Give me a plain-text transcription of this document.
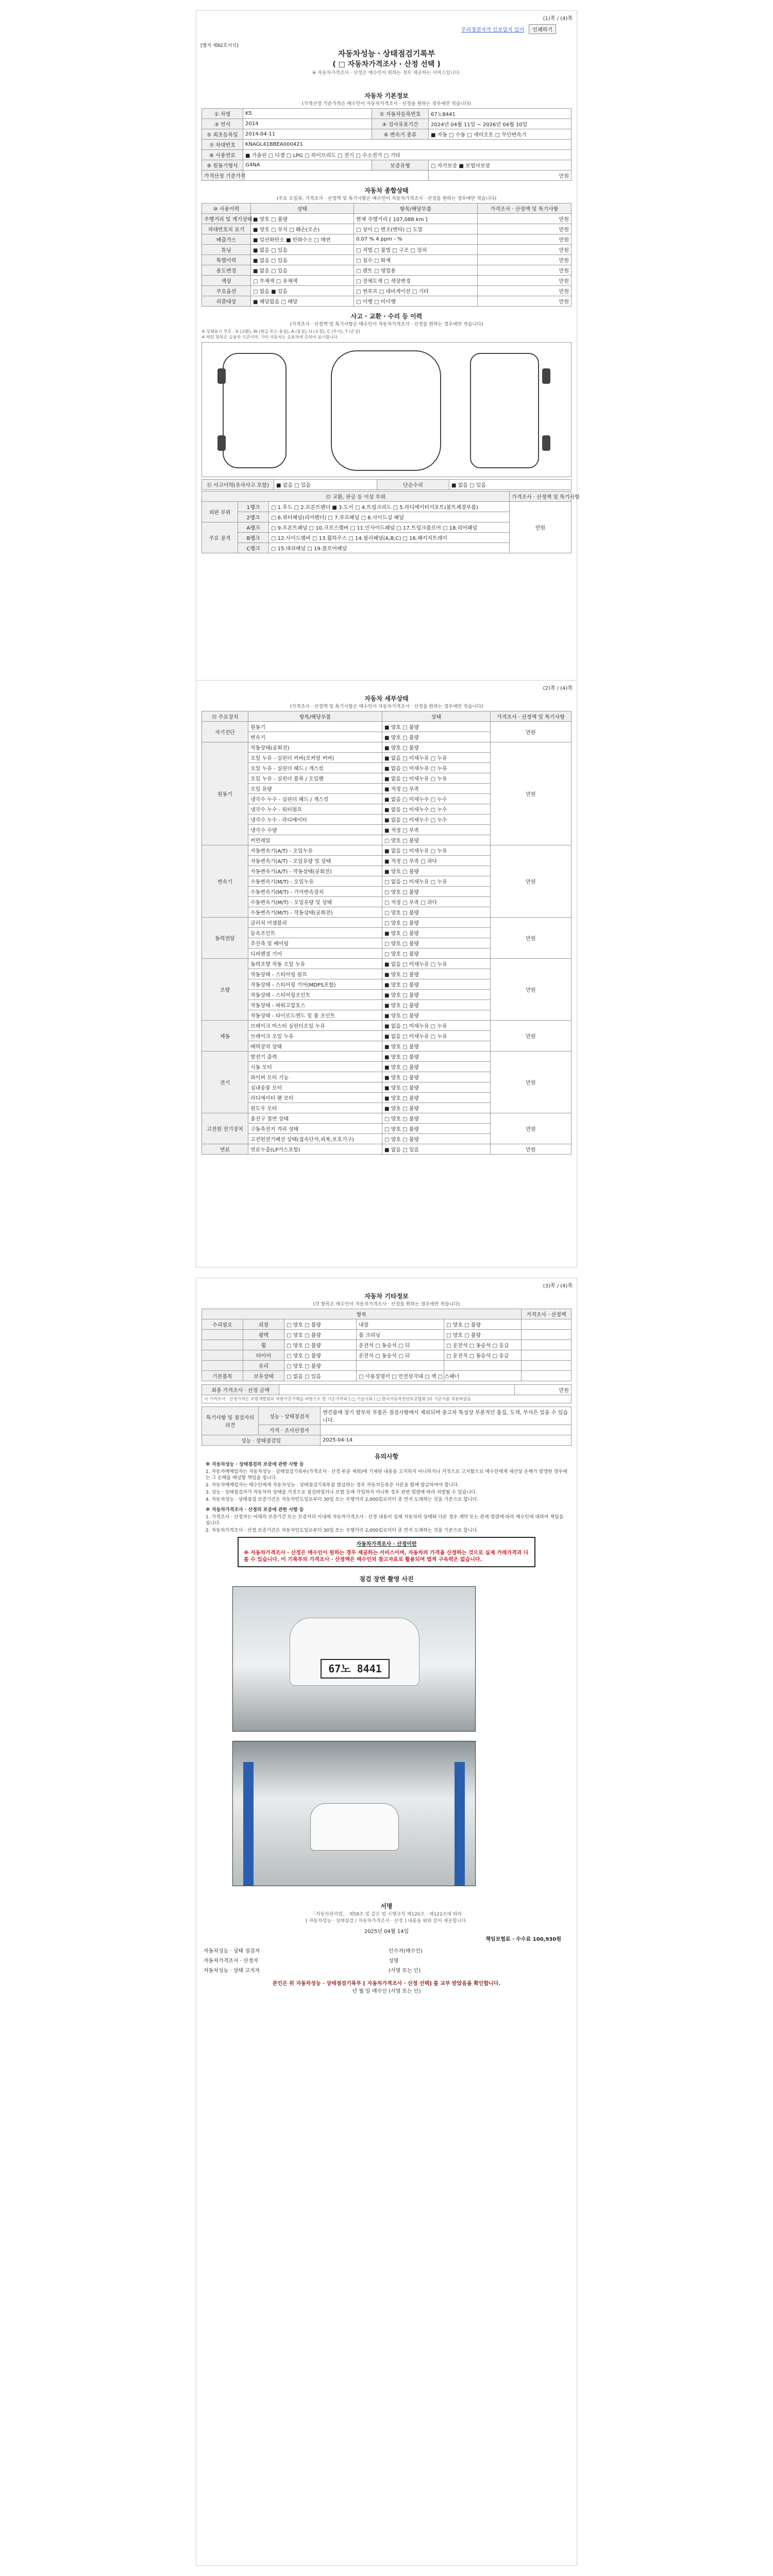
우리정권자가 인보일지 있어 인쇄하기
(1)쪽 / (4)쪽
[별지 제82호서식]
자동차성능ㆍ상태점검기록부
( □ 자동차가격조사 · 산정 선택 )
※ 자동차가격조사 · 산정은 매수인이 원하는 경우 제공하는 서비스입니다.
자동차 기본정보
(가격산정 기준가격은 매수인이 자동차가격조사 · 산정을 원하는 경우에만 적습니다)
① 차명	K5	② 자동차등록번호	67노8441
③ 연식	2014	④ 검사유효기간	2024년 04월 11일 ~ 2026년 04월 10일
⑤ 최초등록일	2014-04-11	⑥ 변속기 종류	■ 자동 □ 수동 □ 세미오토 □ 무단변속기
⑦ 차대번호	KNAGL41BBEA000421		
⑧ 사용연료	■ 가솔린 □ 디젤 □ LPG □ 하이브리드 □ 전기 □ 수소전기 □ 기타		
⑨ 원동기형식	G4NA	보증유형	□ 자가보증 ■ 보험사보증
가격산정 기준가격			만원
자동차 종합상태
(주요 오일류, 가격조사 · 산정액 및 특기사항은 매수인이 자동차가격조사 · 산정을 원하는 경우에만 적습니다)
⑩ 사용이력	상태	항목/해당부품	가격조사 · 산정액 및 특기사항
주행거리 및 계기상태	■ 양호 □ 불량	현재 주행거리 [ 107,088 km ]	만원
차대번호의 표기	■ 양호 □ 부식 □ 훼손(오손)	□ 상이 □ 변조(변타) □ 도말	만원
배출가스	■ 일산화탄소 ■ 탄화수소 □ 매연	0.07 % 4 ppm - %	만원
튜닝	■ 없음 □ 있음	□ 적법 □ 불법 □ 구조 □ 장치	만원
특별이력	■ 없음 □ 있음	□ 침수 □ 화재	만원
용도변경	■ 없음 □ 있음	□ 렌트 □ 영업용	만원
색상	□ 무채색 □ 유채색	□ 전체도색 □ 색상변경	만원
주요옵션	□ 없음 ■ 있음	□ 썬루프 □ 네비게이션 □ 기타	만원
리콜대상	■ 해당없음 □ 해당	□ 이행 □ 미이행	만원
사고 · 교환 · 수리 등 이력
(가격조사 · 산정액 및 특기사항은 매수인이 자동차가격조사 · 산정을 원하는 경우에만 적습니다)
※ 상태표시 부호 : X (교환), W (판금 또는 용접), A (흠집), U (요철), C (부식), T (손상)
※ 하단 항목은 승용차 기준이며, 기타 자동차는 승용차에 준하여 표시합니다
⑪ 사고이력(유사사고 포함)	■ 없음 □ 있음	단순수리	■ 없음 □ 있음
⑫ 교환, 판금 등 이상 부위			가격조사 · 산정액 및 특기사항
외판 부위	1랭크	□ 1.후드 □ 2.프론트펜더 ■ 3.도어 □ 4.트렁크리드 □ 5.라디에이터서포트(볼트체결부품)	만원
	2랭크	□ 6.쿼터패널(리어펜더) □ 7.루프패널 □ 8.사이드실 패널	
주요 골격	A랭크	□ 9.프론트패널 □ 10.크로스멤버 □ 11.인사이드패널 □ 17.트렁크플로어 □ 18.리어패널	
	B랭크	□ 12.사이드멤버 □ 13.휠하우스 □ 14.필러패널(A,B,C) □ 16.패키지트레이	
	C랭크	□ 15.대쉬패널 □ 19.플로어패널	
(2)쪽 / (4)쪽
자동차 세부상태
(가격조사 · 산정액 및 특기사항은 매수인이 자동차가격조사 · 산정을 원하는 경우에만 적습니다)
⑬ 주요장치	항목/해당부품	상태	가격조사 · 산정액 및 특기사항
자기진단	원동기	■ 양호 □ 불량	만원
	변속기	■ 양호 □ 불량	
원동기	작동상태(공회전)	■ 양호 □ 불량	만원
	오일 누유 - 실린더 커버(로커암 커버)	■ 없음 □ 미세누유 □ 누유	
	오일 누유 - 실린더 헤드 / 개스킷	■ 없음 □ 미세누유 □ 누유	
	오일 누유 - 실린더 블록 / 오일팬	■ 없음 □ 미세누유 □ 누유	
	오일 유량	■ 적정 □ 부족	
	냉각수 누수 - 실린더 헤드 / 개스킷	■ 없음 □ 미세누수 □ 누수	
	냉각수 누수 - 워터펌프	■ 없음 □ 미세누수 □ 누수	
	냉각수 누수 - 라디에이터	■ 없음 □ 미세누수 □ 누수	
	냉각수 수량	■ 적정 □ 부족	
	커먼레일	□ 양호 □ 불량	
변속기	자동변속기(A/T) - 오일누유	■ 없음 □ 미세누유 □ 누유	만원
	자동변속기(A/T) - 오일유량 및 상태	■ 적정 □ 부족 □ 과다	
	자동변속기(A/T) - 작동상태(공회전)	■ 양호 □ 불량	
	수동변속기(M/T) - 오일누유	□ 없음 □ 미세누유 □ 누유	
	수동변속기(M/T) - 기어변속장치	□ 양호 □ 불량	
	수동변속기(M/T) - 오일유량 및 상태	□ 적정 □ 부족 □ 과다	
	수동변속기(M/T) - 작동상태(공회전)	□ 양호 □ 불량	
동력전달	클러치 어셈블리	□ 양호 □ 불량	만원
	등속조인트	■ 양호 □ 불량	
	추진축 및 베어링	□ 양호 □ 불량	
	디퍼렌셜 기어	□ 양호 □ 불량	
조향	동력조향 작동 오일 누유	■ 없음 □ 미세누유 □ 누유	만원
	작동상태 - 스티어링 펌프	■ 양호 □ 불량	
	작동상태 - 스티어링 기어(MDPS포함)	■ 양호 □ 불량	
	작동상태 - 스티어링조인트	■ 양호 □ 불량	
	작동상태 - 파워고압호스	■ 양호 □ 불량	
	작동상태 - 타이로드엔드 및 볼 조인트	■ 양호 □ 불량	
제동	브레이크 마스터 실린더오일 누유	■ 없음 □ 미세누유 □ 누유	만원
	브레이크 오일 누유	■ 없음 □ 미세누유 □ 누유	
	배력장치 상태	■ 양호 □ 불량	
전기	발전기 출력	■ 양호 □ 불량	만원
	시동 모터	■ 양호 □ 불량	
	와이퍼 모터 기능	■ 양호 □ 불량	
	실내송풍 모터	■ 양호 □ 불량	
	라디에이터 팬 모터	■ 양호 □ 불량	
	윈도우 모터	■ 양호 □ 불량	
고전원 전기장치	충전구 절연 상태	□ 양호 □ 불량	만원
	구동축전지 격리 상태	□ 양호 □ 불량	
	고전원전기배선 상태(접속단자,피복,보호기구)	□ 양호 □ 불량	
연료	연료누출(LP가스포함)	■ 없음 □ 있음	만원
(3)쪽 / (4)쪽
자동차 기타정보
(각 항목은 매수인이 자동차가격조사 · 산정을 원하는 경우에만 적습니다)
항목					가격조사 · 산정액
수리필요	외장	□ 양호 □ 불량	내장	□ 양호 □ 불량	
	광택	□ 양호 □ 불량	룸 크리닝	□ 양호 □ 불량	
	휠	□ 양호 □ 불량	운전석 □ 동승석 □ 뒤	□ 운전석 □ 동승석 □ 응급	
	타이어	□ 양호 □ 불량	운전석 □ 동승석 □ 뒤	□ 운전석 □ 동승석 □ 응급	
	유리	□ 양호 □ 불량			
기본품목	보유상태	□ 없음 □ 있음	□ 사용설명서 □ 안전삼각대 □ 잭 □ 스패너		
최종 가격조사 · 산정 금액		만원
이 가격조사 · 산정가격은 보험개발원의 차량기준가액을 바탕으로 한 기준가격과 [ □ 기술사회 / □ 한국자동차진단보증협회 ]의 기준서를 적용하였음
특기사항 및 점검자의 의견	성능ㆍ상태점검자	엔진룸에 장기 할부차 부품은 점검사항에서 제외되며 중고차 특성상 부분적인 흠집, 도색, 부식은 있을 수 있습니다.
	가격 · 조사산정자	
성능 · 상태점검일		2025-04-14
유의사항

※ 자동차성능 · 상태점검의 보증에 관한 사항 등

1. 자동차매매업자는 자동차성능 · 상태점검기록부(가격조사 · 산정 부분 제외)에 기재된 내용을 고지하지 아니하거나 거짓으로 고지함으로 매수인에게 재산상 손해가 발생한 경우에는 그 손해를 배상할 책임을 집니다.

2. 자동차매매업자는 매수인에게 자동차성능 · 상태점검기록부를 발급하는 경우 자동차등록증 사본을 함께 발급하여야 합니다.

3. 성능 · 상태점검자가 자동차의 상태를 거짓으로 점검하였거나 보험 등에 가입하지 아니한 경우 관련 법령에 따라 처벌될 수 있습니다.

4. 자동차성능 · 상태점검 보증기간은 자동차인도일로부터 30일 또는 주행거리 2,000킬로미터 중 먼저 도래하는 것을 기준으로 합니다.

※ 자동차가격조사 · 산정의 보증에 관한 사항 등

1. 가격조사 · 산정자는 아래의 보증기간 또는 보증거리 이내에 자동차가격조사 · 산정 내용이 실제 자동차의 상태와 다른 경우 계약 또는 관계 법령에 따라 매수인에 대하여 책임을 집니다.

2. 자동차가격조사 · 산정 보증기간은 자동차인도일로부터 30일 또는 주행거리 2,000킬로미터 중 먼저 도래하는 것을 기준으로 합니다.

자동차가격조사 · 산정이란
※ 자동차가격조사 · 산정은 매수인이 원하는 경우 제공하는 서비스이며, 자동차의 가격을 산정하는 것으로 실제 거래가격과 다를 수 있습니다. 이 기록부의 가격조사 · 산정액은 매수인의 참고자료로 활용되며 법적 구속력은 없습니다.
점검 장면 촬영 사진
67노 8441
서명
「자동차관리법」 제58조 및 같은 법 시행규칙 제120조 · 제122조에 따라
[ 자동차성능 · 상태점검 / 자동차가격조사 · 산정 ] 내용을 위와 같이 제공합니다.
2025년 04월 14일
책임보험료 · 수수료 100,930원
자동차성능 · 상태 점검자	인수자(매수인)
자동차가격조사 · 산정자	성명
자동차성능 · 상태 고지자	(서명 또는 인)
본인은 위 자동차성능 · 상태점검기록부 [ 자동차가격조사 · 산정 선택] 를 교부 받았음을 확인합니다.
년 월 일 매수인 (서명 또는 인)
